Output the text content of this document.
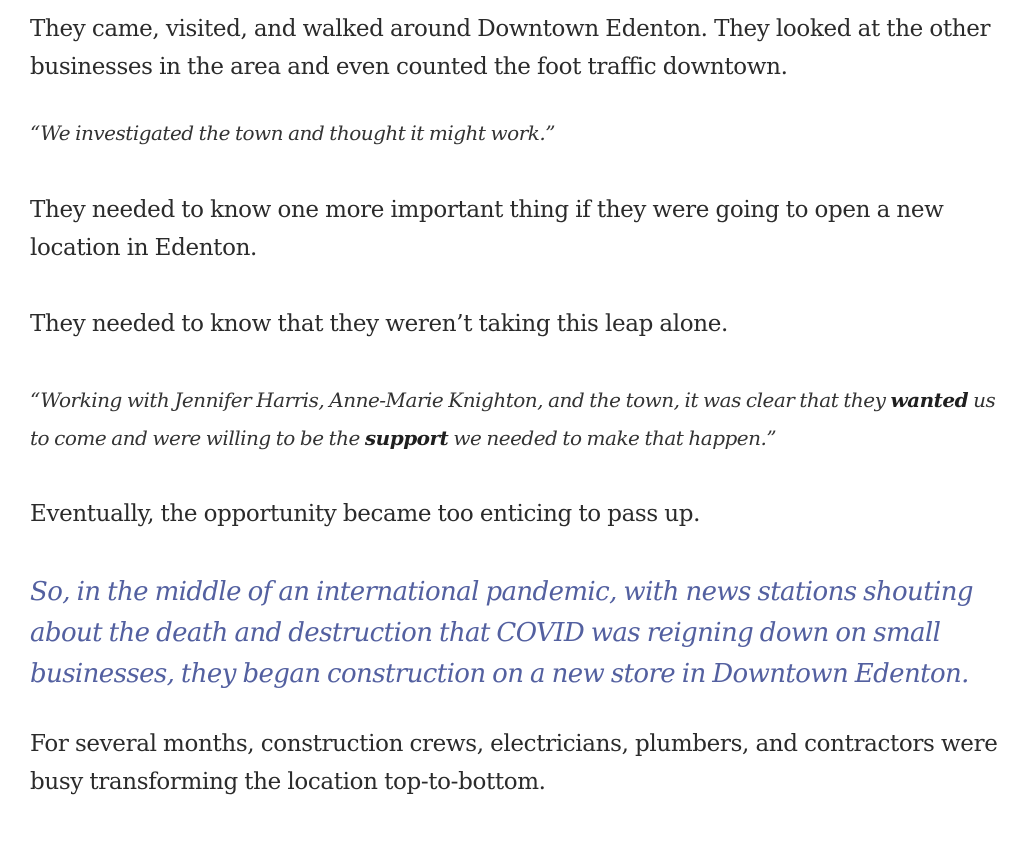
They came, visited, and walked around Downtown Edenton. They looked at the other businesses in the area and even counted the foot traffic downtown.

“We investigated the town and thought it might work.”

They needed to know one more important thing if they were going to open a new location in Edenton.

They needed to know that they weren’t taking this leap alone.

“Working with Jennifer Harris, Anne-Marie Knighton, and the town, it was clear that they wanted us to come and were willing to be the support we needed to make that happen.”

Eventually, the opportunity became too enticing to pass up.

So, in the middle of an international pandemic, with news stations shouting about the death and destruction that COVID was reigning down on small businesses, they began construction on a new store in Downtown Edenton.

For several months, construction crews, electricians, plumbers, and contractors were busy transforming the location top-to-bottom.
